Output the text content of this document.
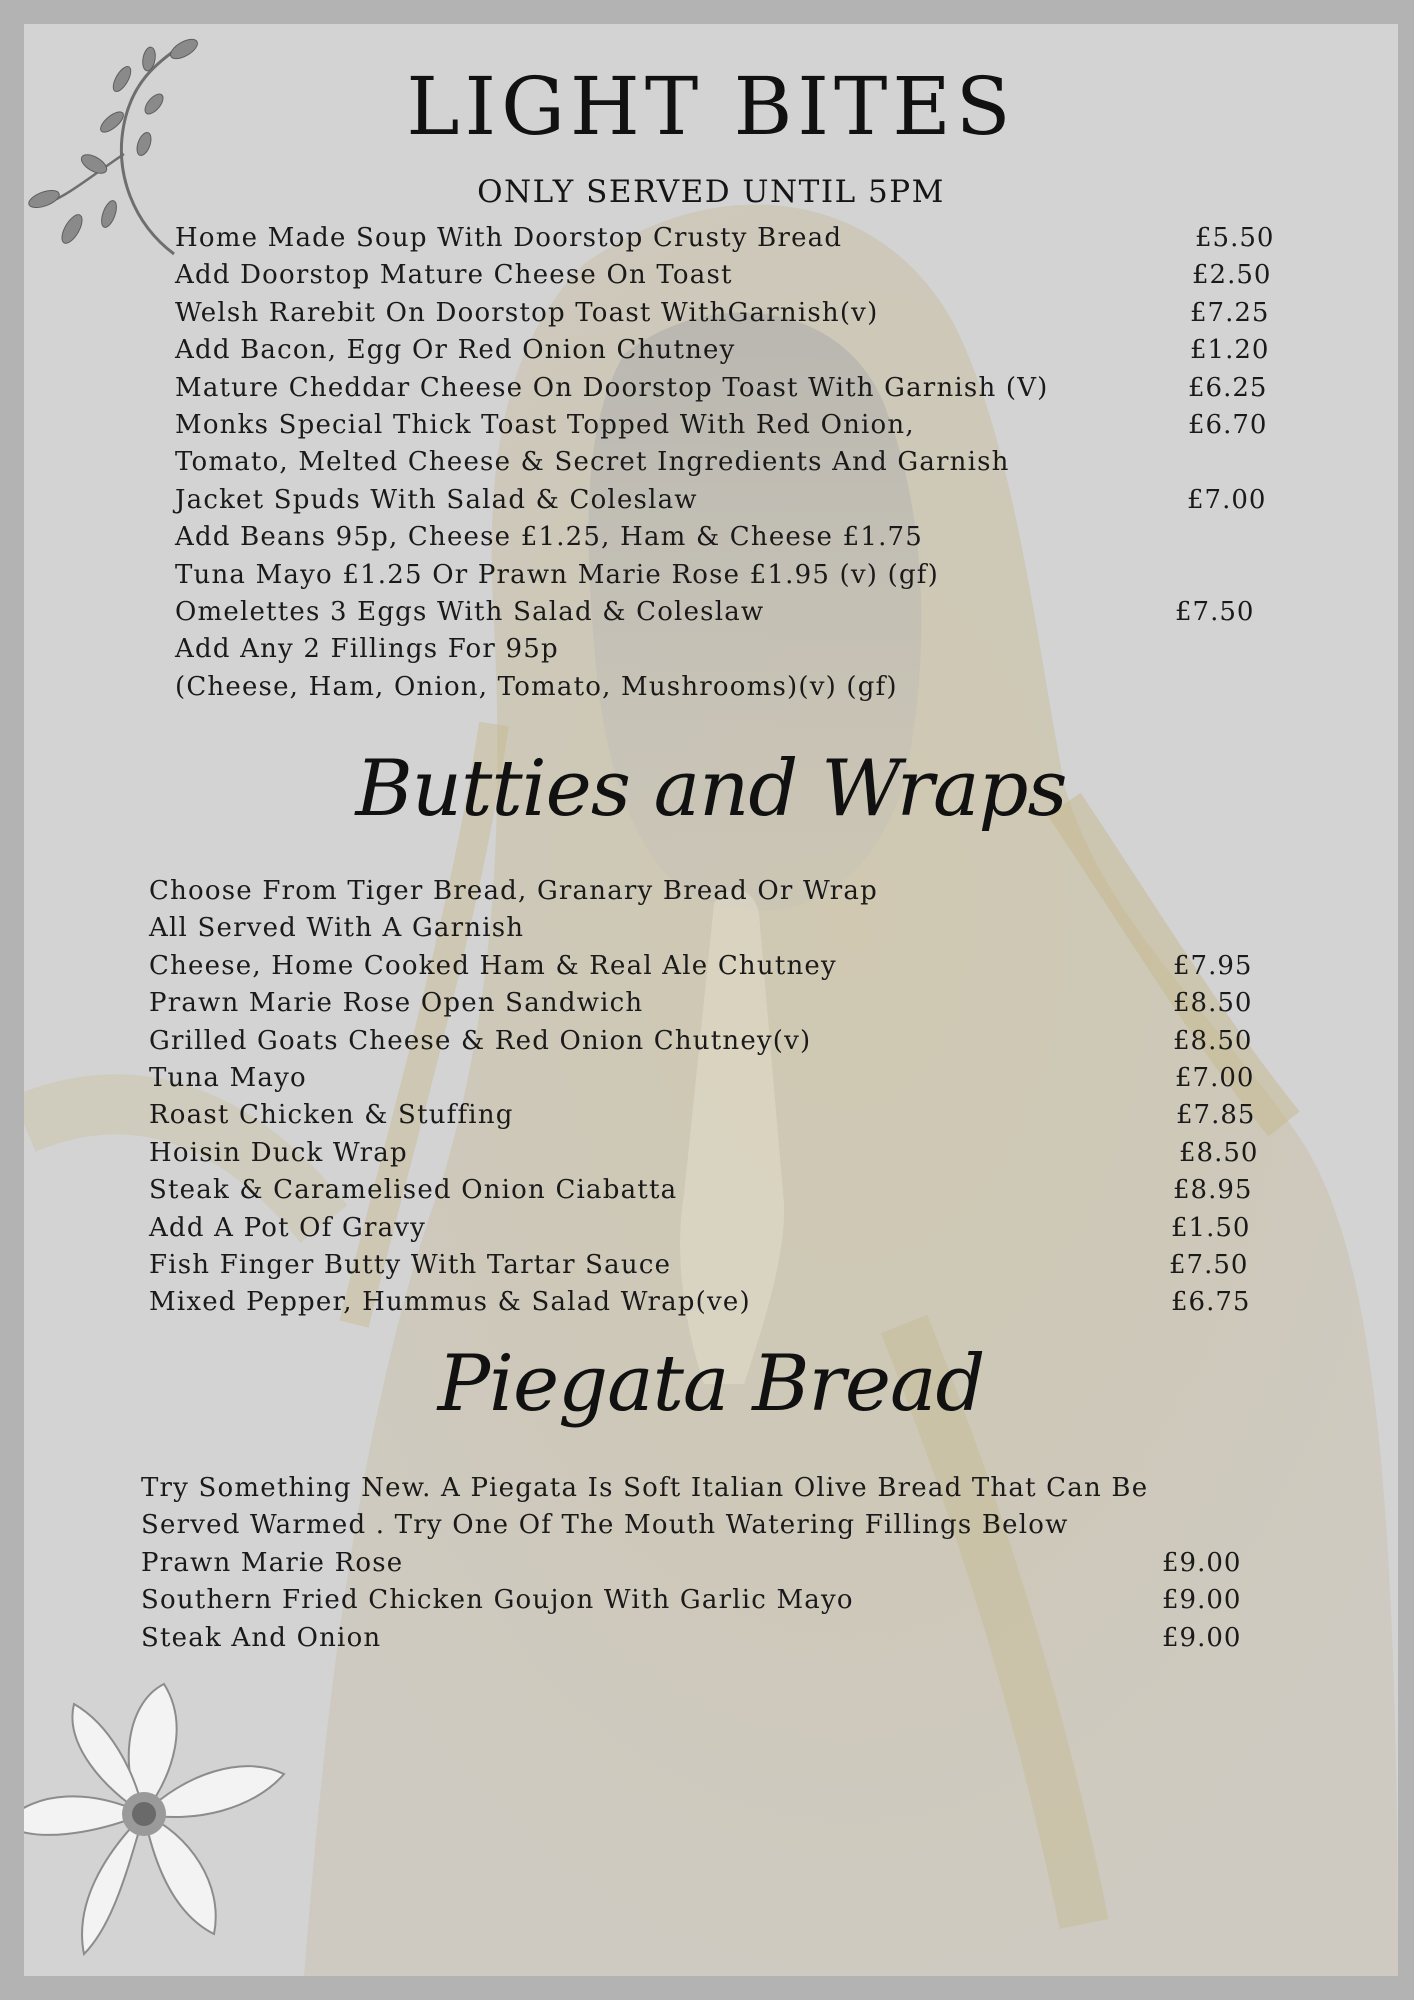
LIGHT BITES
ONLY SERVED UNTIL 5PM
Home Made Soup With Doorstop Crusty Bread	£5.50
Add Doorstop Mature Cheese On Toast	£2.50
Welsh Rarebit On Doorstop Toast WithGarnish(v)	£7.25
Add Bacon, Egg Or Red Onion Chutney	£1.20
Mature Cheddar Cheese On Doorstop Toast With Garnish (V)	£6.25
Monks Special Thick Toast Topped With Red Onion,	£6.70
Tomato, Melted Cheese & Secret Ingredients And Garnish
Jacket Spuds With Salad & Coleslaw	£7.00
Add Beans 95p, Cheese £1.25, Ham & Cheese £1.75
Tuna Mayo £1.25 Or Prawn Marie Rose £1.95 (v) (gf)
Omelettes 3 Eggs With Salad & Coleslaw	£7.50
Add Any 2 Fillings For 95p
(Cheese, Ham, Onion, Tomato, Mushrooms)(v) (gf)
Butties and Wraps
Choose From Tiger Bread, Granary Bread Or Wrap
All Served With A Garnish
Cheese, Home Cooked Ham & Real Ale Chutney	£7.95
Prawn Marie Rose Open Sandwich	£8.50
Grilled Goats Cheese & Red Onion Chutney(v)	£8.50
Tuna Mayo	£7.00
Roast Chicken & Stuffing	£7.85
Hoisin Duck Wrap	£8.50
Steak & Caramelised Onion Ciabatta	£8.95
Add A Pot Of Gravy	£1.50
Fish Finger Butty With Tartar Sauce	£7.50
Mixed Pepper, Hummus & Salad Wrap(ve)	£6.75
Piegata Bread
Try Something New. A Piegata Is Soft Italian Olive Bread That Can Be
Served Warmed . Try One Of The Mouth Watering Fillings Below
Prawn Marie Rose	£9.00
Southern Fried Chicken Goujon With Garlic Mayo	£9.00
Steak And Onion	£9.00
